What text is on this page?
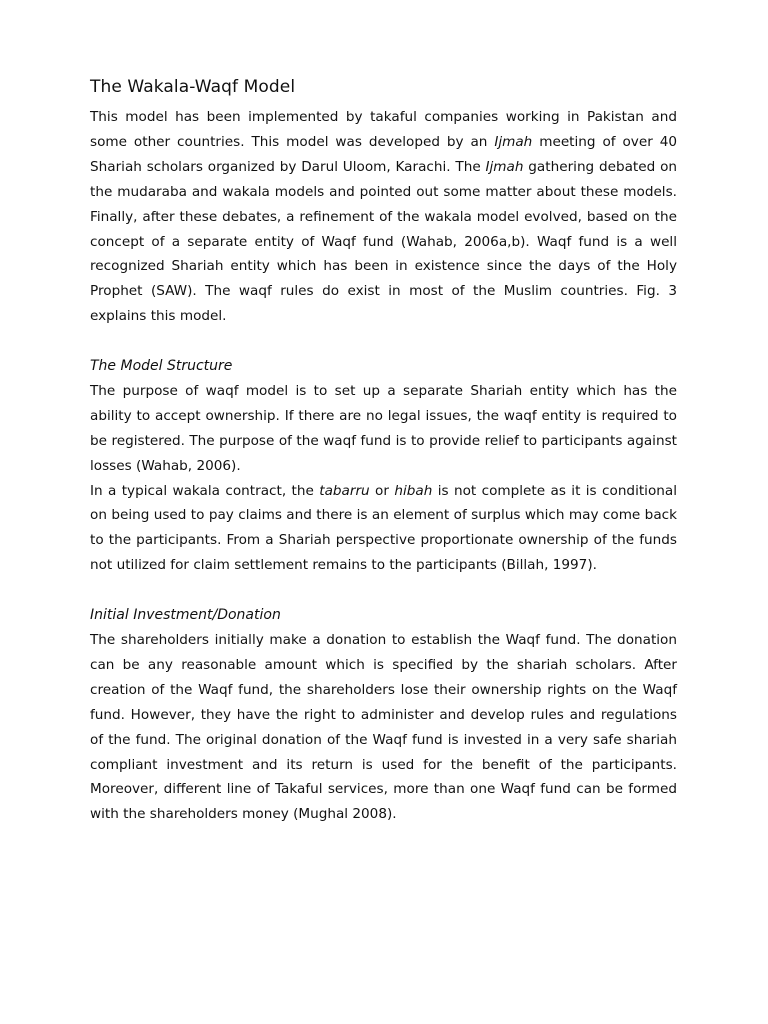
The Wakala-Waqf Model

This model has been implemented by takaful companies working in Pakistan and some other countries. This model was developed by an Ijmah meeting of over 40 Shariah scholars organized by Darul Uloom, Karachi. The Ijmah gathering debated on the mudaraba and wakala models and pointed out some matter about these models. Finally, after these debates, a refinement of the wakala model evolved, based on the concept of a separate entity of Waqf fund (Wahab, 2006a,b). Waqf fund is a well recognized Shariah entity which has been in existence since the days of the Holy Prophet (SAW). The waqf rules do exist in most of the Muslim countries. Fig. 3 explains this model.

The Model Structure

The purpose of waqf model is to set up a separate Shariah entity which has the ability to accept ownership. If there are no legal issues, the waqf entity is required to be registered. The purpose of the waqf fund is to provide relief to participants against losses (Wahab, 2006).

In a typical wakala contract, the tabarru or hibah is not complete as it is conditional on being used to pay claims and there is an element of surplus which may come back to the participants. From a Shariah perspective proportionate ownership of the funds not utilized for claim settlement remains to the participants (Billah, 1997).

Initial Investment/Donation

The shareholders initially make a donation to establish the Waqf fund. The donation can be any reasonable amount which is specified by the shariah scholars. After creation of the Waqf fund, the shareholders lose their ownership rights on the Waqf fund. However, they have the right to administer and develop rules and regulations of the fund. The original donation of the Waqf fund is invested in a very safe shariah compliant investment and its return is used for the benefit of the participants. Moreover, different line of Takaful services, more than one Waqf fund can be formed with the shareholders money (Mughal 2008).
